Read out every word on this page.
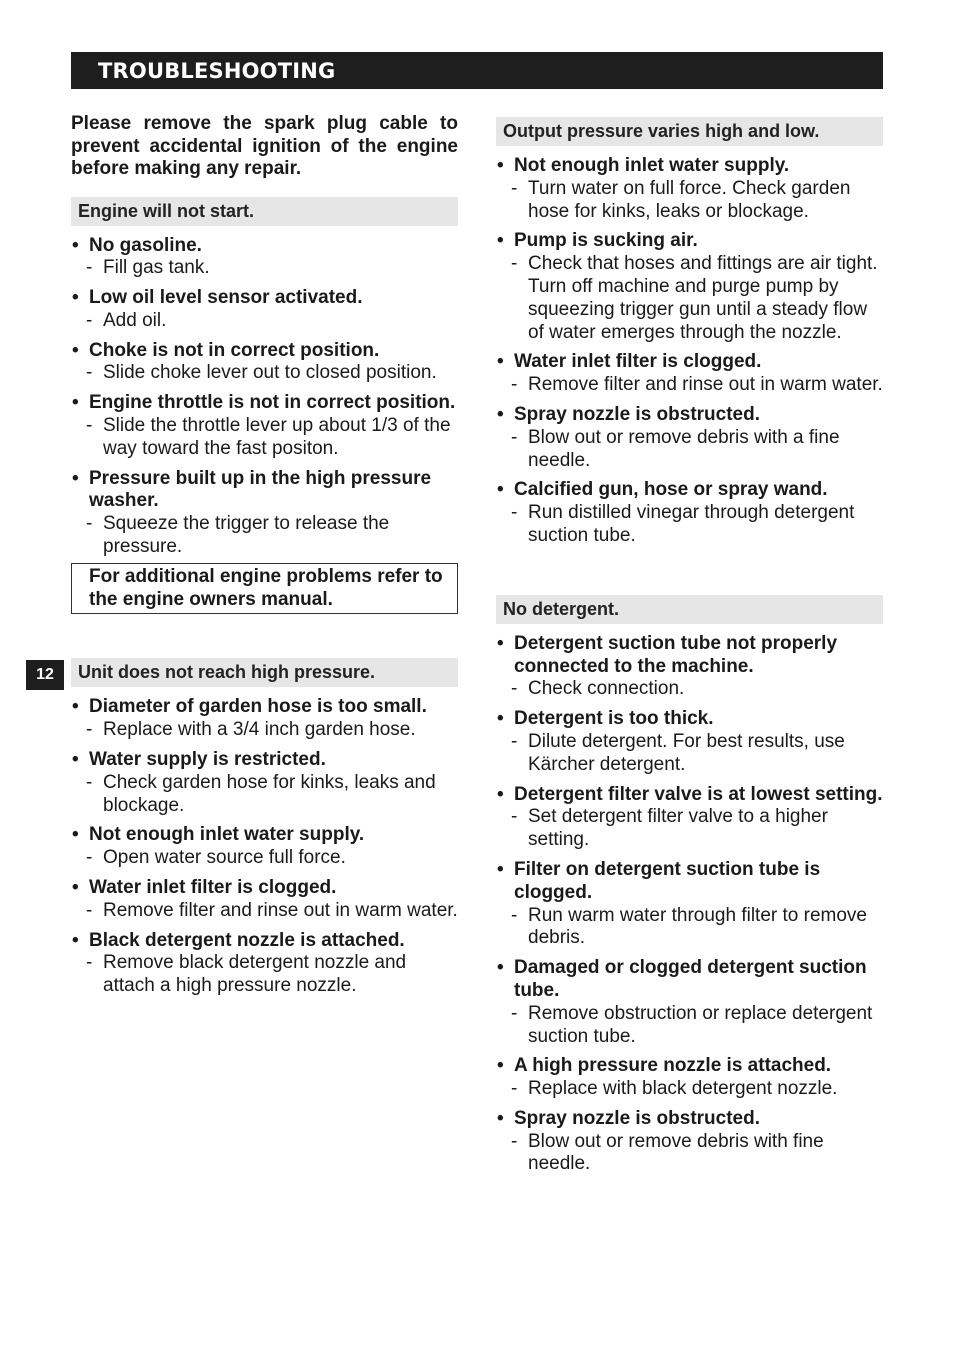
TROUBLESHOOTING
12

Please remove the spark plug cable to prevent accidental ignition of the engine before making any repair.

Engine will not start.
• No gasoline.
- Fill gas tank.
• Low oil level sensor activated.
- Add oil.
• Choke is not in correct position.
- Slide choke lever out to closed position.
• Engine throttle is not in correct position.
- Slide the throttle lever up about 1/3 of the way toward the fast positon.
• Pressure built up in the high pressure washer.
- Squeeze the trigger to release the pressure.
For additional engine problems refer to the engine owners manual.
Unit does not reach high pressure.
• Diameter of garden hose is too small.
- Replace with a 3/4 inch garden hose.
• Water supply is restricted.
- Check garden hose for kinks, leaks and blockage.
• Not enough inlet water supply.
- Open water source full force.
• Water inlet filter is clogged.
- Remove filter and rinse out in warm water.
• Black detergent nozzle is attached.
- Remove black detergent nozzle and attach a high pressure nozzle.
Output pressure varies high and low.
• Not enough inlet water supply.
- Turn water on full force. Check garden hose for kinks, leaks or blockage.
• Pump is sucking air.
- Check that hoses and fittings are air tight. Turn off machine and purge pump by squeezing trigger gun until a steady flow of water emerges through the nozzle.
• Water inlet filter is clogged.
- Remove filter and rinse out in warm water.
• Spray nozzle is obstructed.
- Blow out or remove debris with a fine needle.
• Calcified gun, hose or spray wand.
- Run distilled vinegar through detergent suction tube.
No detergent.
• Detergent suction tube not properly connected to the machine.
- Check connection.
• Detergent is too thick.
- Dilute detergent. For best results, use Kärcher detergent.
• Detergent filter valve is at lowest setting.
- Set detergent filter valve to a higher setting.
• Filter on detergent suction tube is clogged.
- Run warm water through filter to remove debris.
• Damaged or clogged detergent suction tube.
- Remove obstruction or replace detergent suction tube.
• A high pressure nozzle is attached.
- Replace with black detergent nozzle.
• Spray nozzle is obstructed.
- Blow out or remove debris with fine needle.
